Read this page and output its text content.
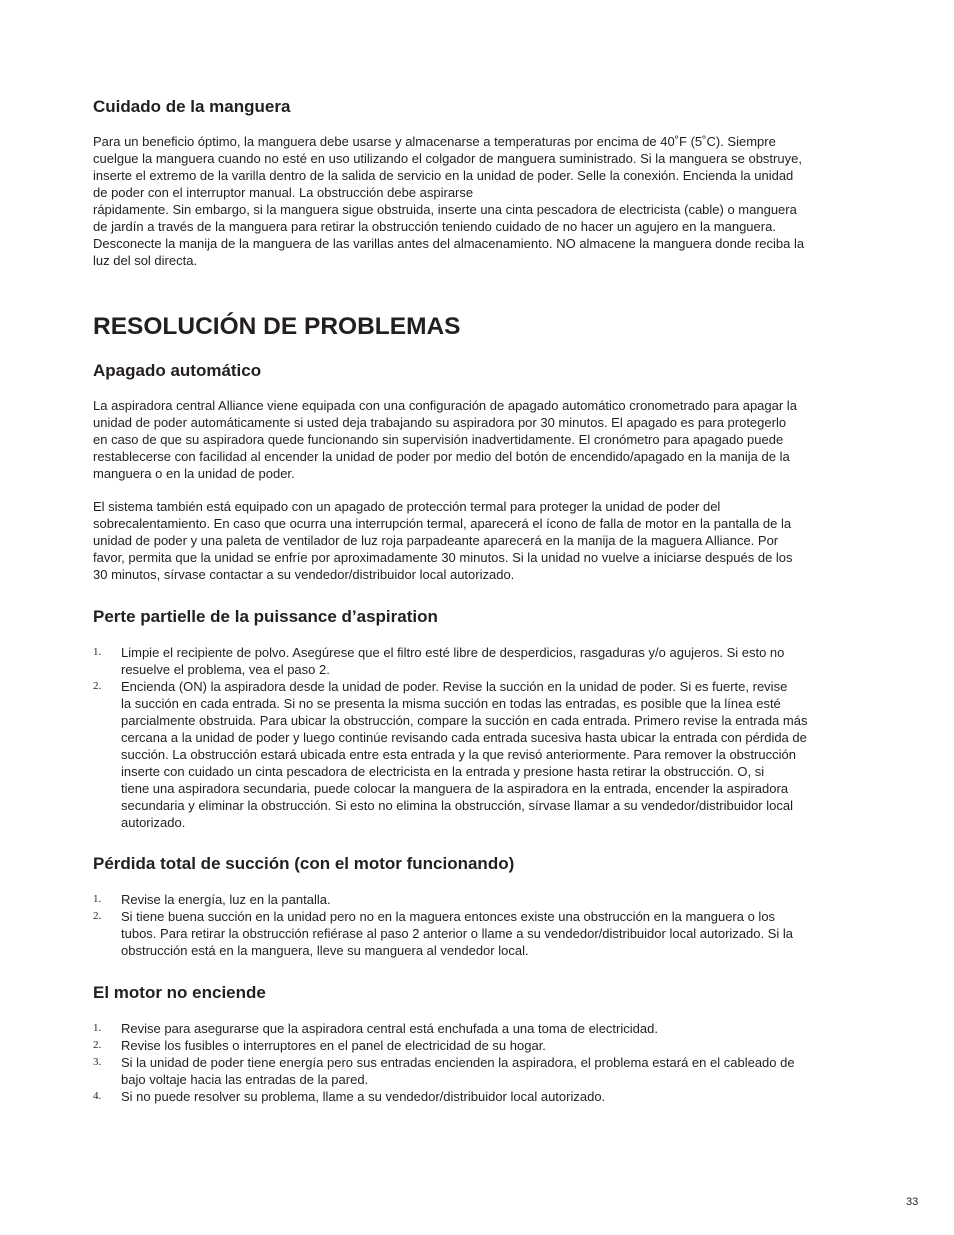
Cuidado de la manguera

Para un beneficio óptimo, la manguera debe usarse y almacenarse a temperaturas por encima de 40˚F (5˚C). Siempre
cuelgue la manguera cuando no esté en uso utilizando el colgador de manguera suministrado. Si la manguera se obstruye,
inserte el extremo de la varilla dentro de la salida de servicio en la unidad de poder. Selle la conexión. Encienda la unidad
de poder con el interruptor manual. La obstrucción debe aspirarse
rápidamente. Sin embargo, si la manguera sigue obstruida, inserte una cinta pescadora de electricista (cable) o manguera
de jardín a través de la manguera para retirar la obstrucción teniendo cuidado de no hacer un agujero en la manguera.
Desconecte la manija de la manguera de las varillas antes del almacenamiento. NO almacene la manguera donde reciba la
luz del sol directa.

RESOLUCIÓN DE PROBLEMAS
Apagado automático

La aspiradora central Alliance viene equipada con una configuración de apagado automático cronometrado para apagar la
unidad de poder automáticamente si usted deja trabajando su aspiradora por 30 minutos. El apagado es para protegerlo
en caso de que su aspiradora quede funcionando sin supervisión inadvertidamente. El cronómetro para apagado puede
restablecerse con facilidad al encender la unidad de poder por medio del botón de encendido/apagado en la manija de la
manguera o en la unidad de poder.

El sistema también está equipado con un apagado de protección termal para proteger la unidad de poder del
sobrecalentamiento. En caso que ocurra una interrupción termal, aparecerá el ícono de falla de motor en la pantalla de la
unidad de poder y una paleta de ventilador de luz roja parpadeante aparecerá en la manija de la maguera Alliance. Por
favor, permita que la unidad se enfríe por aproximadamente 30 minutos. Si la unidad no vuelve a iniciarse después de los
30 minutos, sírvase contactar a su vendedor/distribuidor local autorizado.

Perte partielle de la puissance d’aspiration
1. Limpie el recipiente de polvo. Asegúrese que el filtro esté libre de desperdicios, rasgaduras y/o agujeros. Si esto no
resuelve el problema, vea el paso 2.
2. Encienda (ON) la aspiradora desde la unidad de poder. Revise la succión en la unidad de poder. Si es fuerte, revise
la succión en cada entrada. Si no se presenta la misma succión en todas las entradas, es posible que la línea esté
parcialmente obstruida. Para ubicar la obstrucción, compare la succión en cada entrada. Primero revise la entrada más
cercana a la unidad de poder y luego continúe revisando cada entrada sucesiva hasta ubicar la entrada con pérdida de
succión. La obstrucción estará ubicada entre esta entrada y la que revisó anteriormente. Para remover la obstrucción
inserte con cuidado un cinta pescadora de electricista en la entrada y presione hasta retirar la obstrucción. O, si
tiene una aspiradora secundaria, puede colocar la manguera de la aspiradora en la entrada, encender la aspiradora
secundaria y eliminar la obstrucción. Si esto no elimina la obstrucción, sírvase llamar a su vendedor/distribuidor local
autorizado.
Pérdida total de succión (con el motor funcionando)
1. Revise la energía, luz en la pantalla.
2. Si tiene buena succión en la unidad pero no en la maguera entonces existe una obstrucción en la manguera o los
tubos. Para retirar la obstrucción refiérase al paso 2 anterior o llame a su vendedor/distribuidor local autorizado. Si la
obstrucción está en la manguera, lleve su manguera al vendedor local.
El motor no enciende
1. Revise para asegurarse que la aspiradora central está enchufada a una toma de electricidad.
2. Revise los fusibles o interruptores en el panel de electricidad de su hogar.
3. Si la unidad de poder tiene energía pero sus entradas encienden la aspiradora, el problema estará en el cableado de
bajo voltaje hacia las entradas de la pared.
4. Si no puede resolver su problema, llame a su vendedor/distribuidor local autorizado.
33
